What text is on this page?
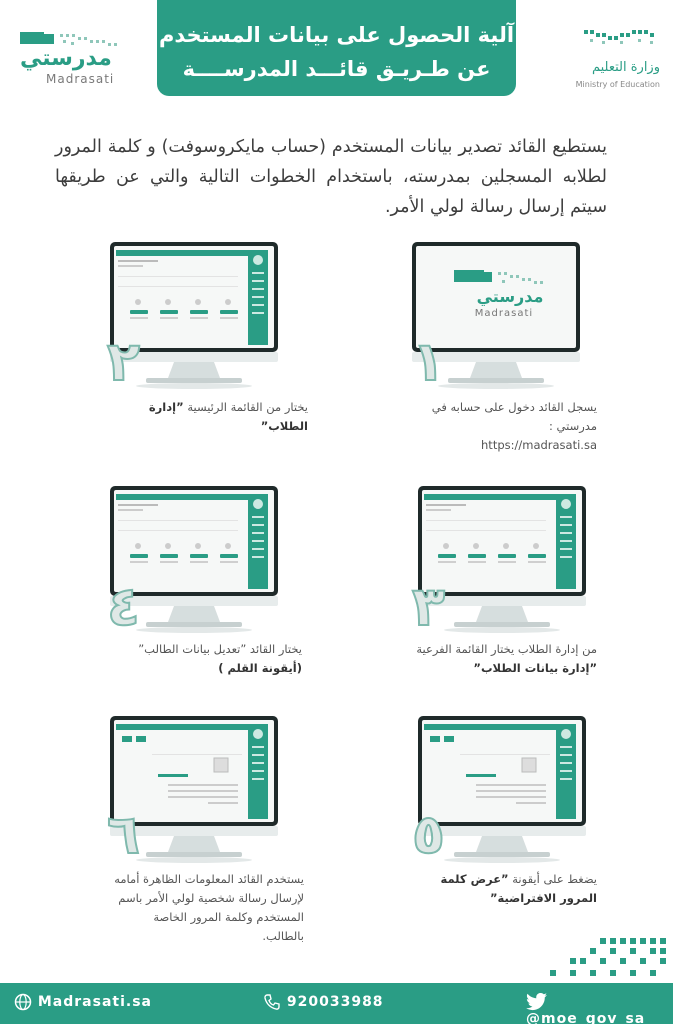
مدرستي
Madrasati
آلية الحصول على بيانات المستخدم
عن طـريـق قائـــد المدرســــة	وزارة التعليم
Ministry of Education
يستطيع القائد تصدير بيانات المستخدم (حساب مايكروسوفت) و كلمة المرور لطلابه المسجلين بمدرسته، باستخدام الخطوات التالية والتي عن طريقها سيتم إرسال رسالة لولي الأمر.
مدرستي
Madrasati
١
٢
٣
٤
٥
٦
يسجل القائد دخول على حسابه في مدرستي :
https://madrasati.sa
يختار من القائمة الرئيسية ”إدارة الطلاب”
من إدارة الطلاب يختار القائمة الفرعية ”إدارة بيانات الطلاب”
يختار القائد ”تعديل بيانات الطالب”
(أيقونة القلم )
يضغط على أيقونة ”عرض كلمة المرور الافتراضية”
يستخدم القائد المعلومات الظاهرة أمامه لإرسال رسالة شخصية لولي الأمر باسم المستخدم وكلمة المرور الخاصة بالطالب.
Madrasati.sa	920033988
@moe_gov_sa
